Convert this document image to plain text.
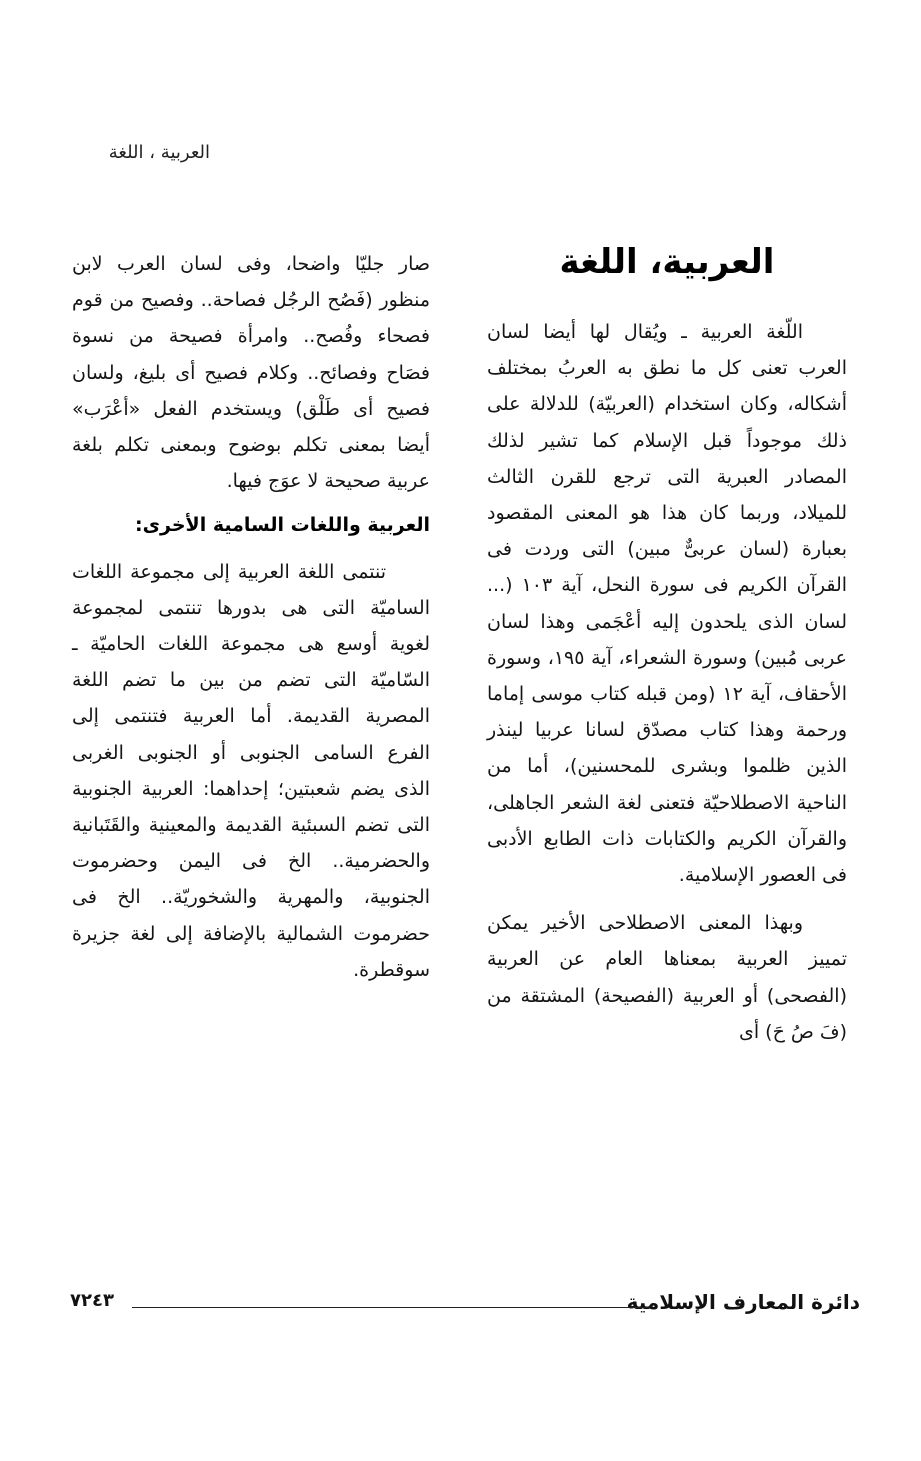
العربية ، اللغة
العربية، اللغة

اللّغة العربية ـ ويُقال لها أيضا لسان العرب تعنى كل ما نطق به العربُ بمختلف أشكاله، وكان استخدام (العربيّة) للدلالة على ذلك موجوداً قبل الإسلام كما تشير لذلك المصادر العبرية التى ترجع للقرن الثالث للميلاد، وربما كان هذا هو المعنى المقصود بعبارة (لسان عربىٌّ مبين) التى وردت فى القرآن الكريم فى سورة النحل، آية ١٠٣ (... لسان الذى يلحدون إليه أعْجَمى وهذا لسان عربى مُبين) وسورة الشعراء، آية ١٩٥، وسورة الأحقاف، آية ١٢ (ومن قبله كتاب موسى إماما ورحمة وهذا كتاب مصدّق لسانا عربيا لينذر الذين ظلموا وبشرى للمحسنين)، أما من الناحية الاصطلاحيّة فتعنى لغة الشعر الجاهلى، والقرآن الكريم والكتابات ذات الطابع الأدبى فى العصور الإسلامية.

وبهذا المعنى الاصطلاحى الأخير يمكن تمييز العربية بمعناها العام عن العربية (الفصحى) أو العربية (الفصيحة) المشتقة من (فَ صُ حَ) أى

صار جليّا واضحا، وفى لسان العرب لابن منظور (فَصُح الرجُل فصاحة.. وفصيح من قوم فصحاء وفُصح.. وامرأة فصيحة من نسوة فصَاح وفصائح.. وكلام فصيح أى بليغ، ولسان فصيح أى طَلْق) ويستخدم الفعل «أعْرَب» أيضا بمعنى تكلم بوضوح وبمعنى تكلم بلغة عربية صحيحة لا عوَج فيها.

العربية واللغات السامية الأخرى:

تنتمى اللغة العربية إلى مجموعة اللغات الساميّة التى هى بدورها تنتمى لمجموعة لغوية أوسع هى مجموعة اللغات الحاميّة ـ السّاميّة التى تضم من بين ما تضم اللغة المصرية القديمة. أما العربية فتنتمى إلى الفرع السامى الجنوبى أو الجنوبى الغربى الذى يضم شعبتين؛ إحداهما: العربية الجنوبية التى تضم السبئية القديمة والمعينية والقَتَبانية والحضرمية.. الخ فى اليمن وحضرموت الجنوبية، والمهرية والشخوريّة.. الخ فى حضرموت الشمالية بالإضافة إلى لغة جزيرة سوقطرة.

دائرة المعارف الإسلامية
٧٢٤٣
